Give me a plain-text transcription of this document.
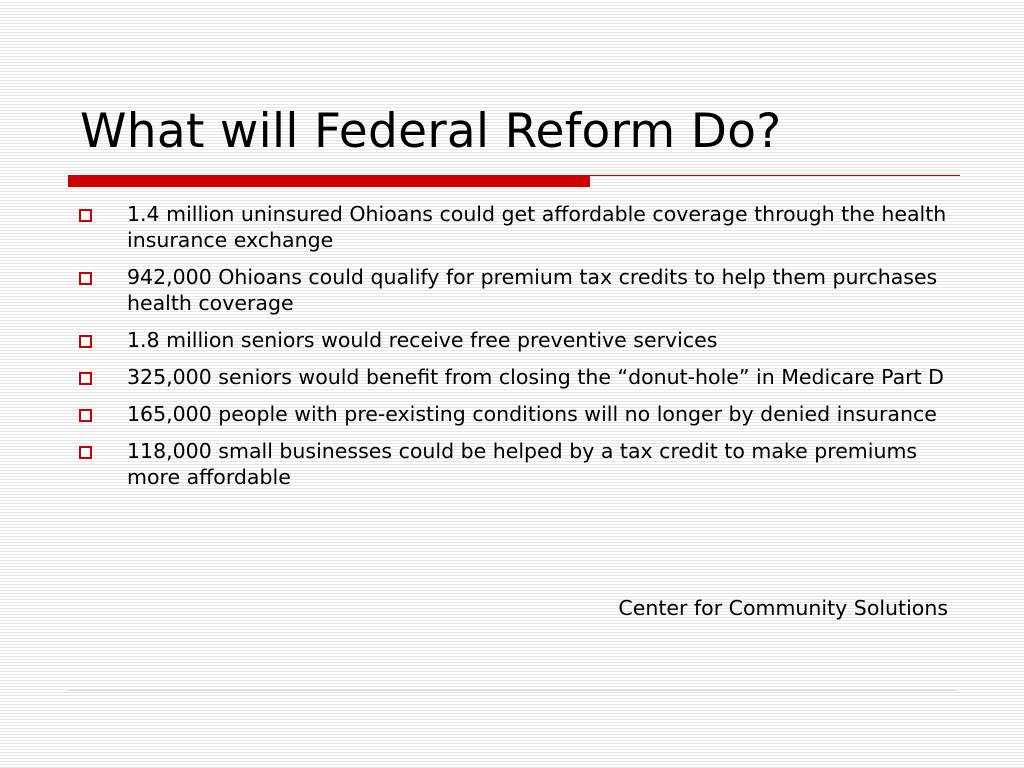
What will Federal Reform Do?
1.4 million uninsured Ohioans could get affordable coverage through the health insurance exchange
942,000 Ohioans could qualify for premium tax credits to help them purchases health coverage
1.8 million seniors would receive free preventive services
325,000 seniors would benefit from closing the “donut-hole” in Medicare Part D
165,000 people with pre-existing conditions will no longer by denied insurance
118,000 small businesses could be helped by a tax credit to make premiums more affordable
Center for Community Solutions
